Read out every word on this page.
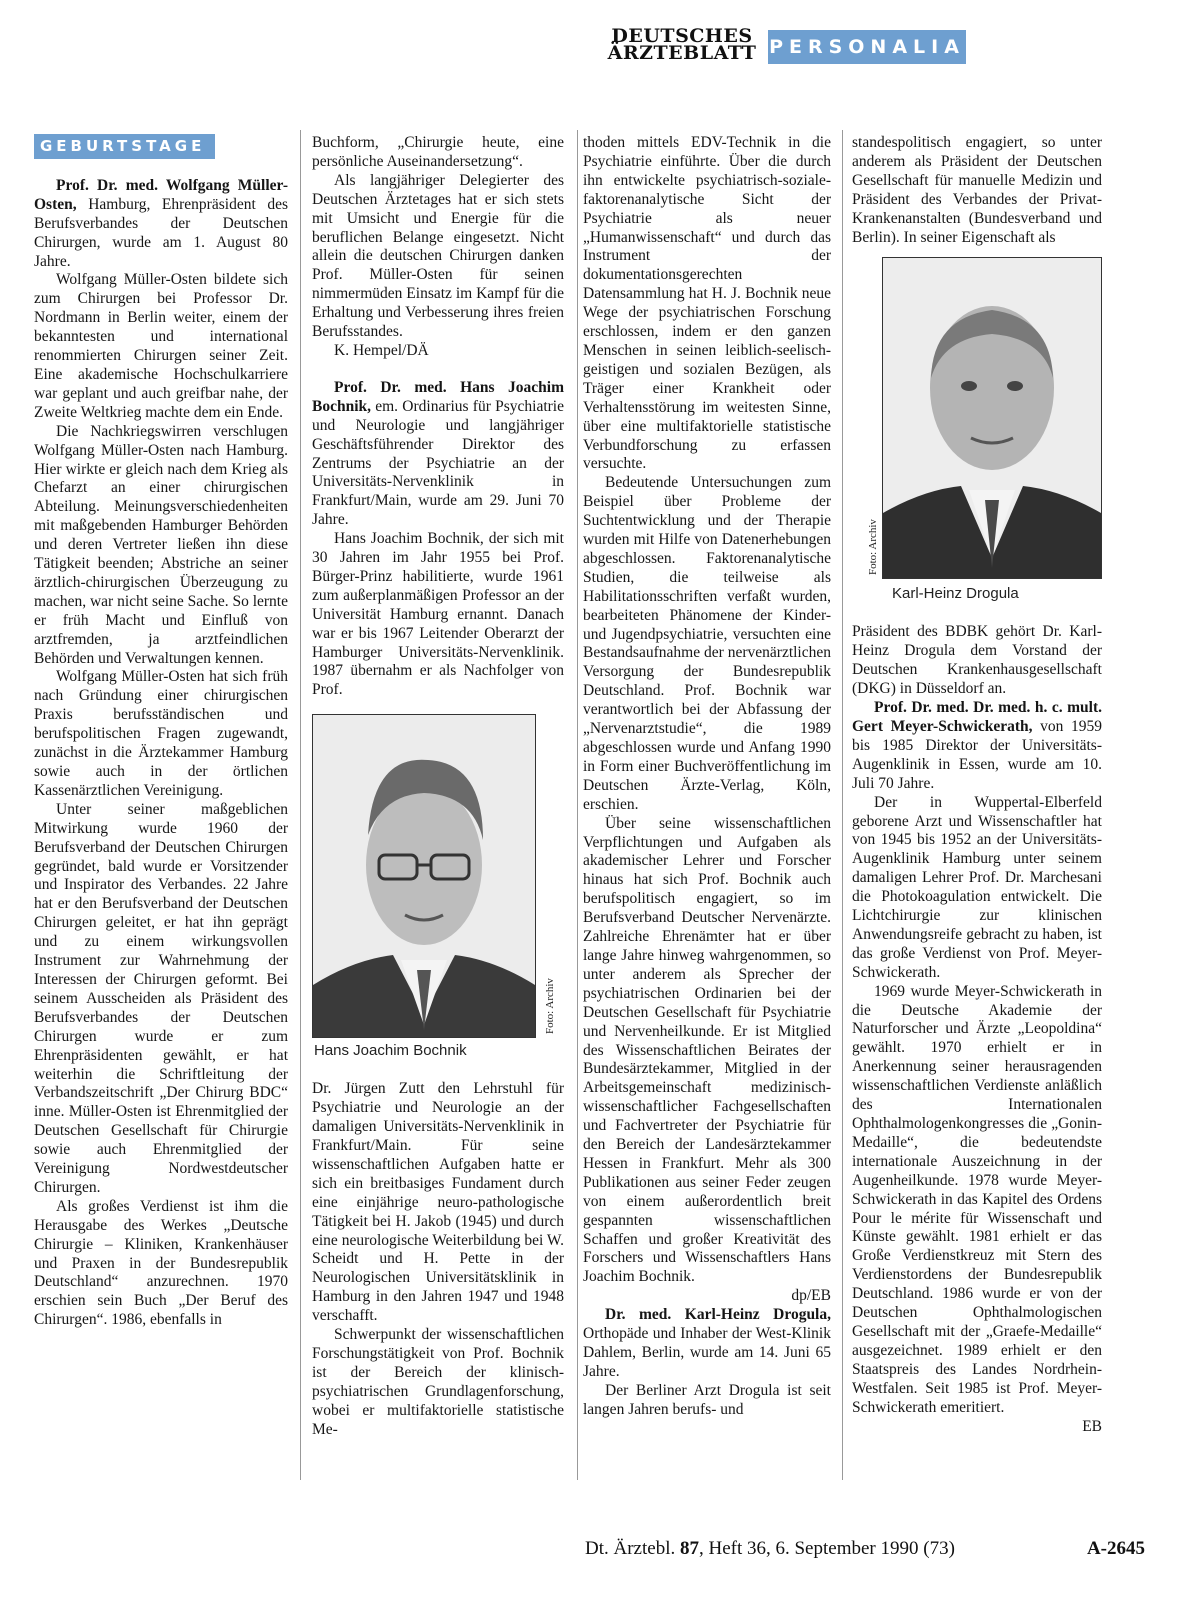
DEUTSCHES
ÄRZTEBLATT PERSONALIA
GEBURTSTAGE

Prof. Dr. med. Wolfgang Müller-Osten, Hamburg, Ehrenpräsident des Berufsverbandes der Deutschen Chirurgen, wurde am 1. August 80 Jahre.

Wolfgang Müller-Osten bildete sich zum Chirurgen bei Professor Dr. Nordmann in Berlin weiter, einem der bekanntesten und international renommierten Chirurgen seiner Zeit. Eine akademische Hochschulkarriere war geplant und auch greifbar nahe, der Zweite Weltkrieg machte dem ein Ende.

Die Nachkriegswirren verschlugen Wolfgang Müller-Osten nach Hamburg. Hier wirkte er gleich nach dem Krieg als Chefarzt an einer chirurgischen Abteilung. Meinungsverschiedenheiten mit maßgebenden Hamburger Behörden und deren Vertreter ließen ihn diese Tätigkeit beenden; Abstriche an seiner ärztlich-chirurgischen Überzeugung zu machen, war nicht seine Sache. So lernte er früh Macht und Einfluß von arztfremden, ja arztfeindlichen Behörden und Verwaltungen kennen.

Wolfgang Müller-Osten hat sich früh nach Gründung einer chirurgischen Praxis berufsständischen und berufspolitischen Fragen zugewandt, zunächst in die Ärztekammer Hamburg sowie auch in der örtlichen Kassenärztlichen Vereinigung.

Unter seiner maßgeblichen Mitwirkung wurde 1960 der Berufsverband der Deutschen Chirurgen gegründet, bald wurde er Vorsitzender und Inspirator des Verbandes. 22 Jahre hat er den Berufsverband der Deutschen Chirurgen geleitet, er hat ihn geprägt und zu einem wirkungsvollen Instrument zur Wahrnehmung der Interessen der Chirurgen geformt. Bei seinem Ausscheiden als Präsident des Berufsverbandes der Deutschen Chirurgen wurde er zum Ehrenpräsidenten gewählt, er hat weiterhin die Schriftleitung der Verbandszeitschrift „Der Chirurg BDC“ inne. Müller-Osten ist Ehrenmitglied der Deutschen Gesellschaft für Chirurgie sowie auch Ehrenmitglied der Vereinigung Nordwestdeutscher Chirurgen.

Als großes Verdienst ist ihm die Herausgabe des Werkes „Deutsche Chirurgie – Kliniken, Krankenhäuser und Praxen in der Bundesrepublik Deutschland“ anzurechnen. 1970 erschien sein Buch „Der Beruf des Chirurgen“. 1986, ebenfalls in

Buchform, „Chirurgie heute, eine persönliche Auseinandersetzung“.

Als langjähriger Delegierter des Deutschen Ärztetages hat er sich stets mit Umsicht und Energie für die beruflichen Belange eingesetzt. Nicht allein die deutschen Chirurgen danken Prof. Müller-Osten für seinen nimmermüden Einsatz im Kampf für die Erhaltung und Verbesserung ihres freien Berufsstandes.

K. Hempel/DÄ

Prof. Dr. med. Hans Joachim Bochnik, em. Ordinarius für Psychiatrie und Neurologie und langjähriger Geschäftsführender Direktor des Zentrums der Psychiatrie an der Universitäts-Nervenklinik in Frankfurt/Main, wurde am 29. Juni 70 Jahre.

Hans Joachim Bochnik, der sich mit 30 Jahren im Jahr 1955 bei Prof. Bürger-Prinz habilitierte, wurde 1961 zum außerplanmäßigen Professor an der Universität Hamburg ernannt. Danach war er bis 1967 Leitender Oberarzt der Hamburger Universitäts-Nervenklinik. 1987 übernahm er als Nachfolger von Prof.

Foto: Archiv
Hans Joachim Bochnik

Dr. Jürgen Zutt den Lehrstuhl für Psychiatrie und Neurologie an der damaligen Universitäts-Nervenklinik in Frankfurt/Main. Für seine wissenschaftlichen Aufgaben hatte er sich ein breitbasiges Fundament durch eine einjährige neuro-pathologische Tätigkeit bei H. Jakob (1945) und durch eine neurologische Weiterbildung bei W. Scheidt und H. Pette in der Neurologischen Universitätsklinik in Hamburg in den Jahren 1947 und 1948 verschafft.

Schwerpunkt der wissenschaftlichen Forschungstätigkeit von Prof. Bochnik ist der Bereich der klinisch-psychiatrischen Grundlagenforschung, wobei er multifaktorielle statistische Me-

thoden mittels EDV-Technik in die Psychiatrie einführte. Über die durch ihn entwickelte psychiatrisch-soziale-faktorenanalytische Sicht der Psychiatrie als neuer „Humanwissenschaft“ und durch das Instrument der dokumentationsgerechten Datensammlung hat H. J. Bochnik neue Wege der psychiatrischen Forschung erschlossen, indem er den ganzen Menschen in seinen leiblich-seelisch-geistigen und sozialen Bezügen, als Träger einer Krankheit oder Verhaltensstörung im weitesten Sinne, über eine multifaktorielle statistische Verbundforschung zu erfassen versuchte.

Bedeutende Untersuchungen zum Beispiel über Probleme der Suchtentwicklung und der Therapie wurden mit Hilfe von Datenerhebungen abgeschlossen. Faktorenanalytische Studien, die teilweise als Habilitationsschriften verfaßt wurden, bearbeiteten Phänomene der Kinder- und Jugendpsychiatrie, versuchten eine Bestandsaufnahme der nervenärztlichen Versorgung der Bundesrepublik Deutschland. Prof. Bochnik war verantwortlich bei der Abfassung der „Nervenarztstudie“, die 1989 abgeschlossen wurde und Anfang 1990 in Form einer Buchveröffentlichung im Deutschen Ärzte-Verlag, Köln, erschien.

Über seine wissenschaftlichen Verpflichtungen und Aufgaben als akademischer Lehrer und Forscher hinaus hat sich Prof. Bochnik auch berufspolitisch engagiert, so im Berufsverband Deutscher Nervenärzte. Zahlreiche Ehrenämter hat er über lange Jahre hinweg wahrgenommen, so unter anderem als Sprecher der psychiatrischen Ordinarien bei der Deutschen Gesellschaft für Psychiatrie und Nervenheilkunde. Er ist Mitglied des Wissenschaftlichen Beirates der Bundesärztekammer, Mitglied in der Arbeitsgemeinschaft medizinisch-wissenschaftlicher Fachgesellschaften und Fachvertreter der Psychiatrie für den Bereich der Landesärztekammer Hessen in Frankfurt. Mehr als 300 Publikationen aus seiner Feder zeugen von einem außerordentlich breit gespannten wissenschaftlichen Schaffen und großer Kreativität des Forschers und Wissenschaftlers Hans Joachim Bochnik.

dp/EB

Dr. med. Karl-Heinz Drogula, Orthopäde und Inhaber der West-Klinik Dahlem, Berlin, wurde am 14. Juni 65 Jahre.

Der Berliner Arzt Drogula ist seit langen Jahren berufs- und

standespolitisch engagiert, so unter anderem als Präsident der Deutschen Gesellschaft für manuelle Medizin und Präsident des Verbandes der Privat-Krankenanstalten (Bundesverband und Berlin). In seiner Eigenschaft als

Foto: Archiv
Karl-Heinz Drogula

Präsident des BDBK gehört Dr. Karl-Heinz Drogula dem Vorstand der Deutschen Krankenhausgesellschaft (DKG) in Düsseldorf an.

Prof. Dr. med. Dr. med. h. c. mult. Gert Meyer-Schwickerath, von 1959 bis 1985 Direktor der Universitäts-Augenklinik in Essen, wurde am 10. Juli 70 Jahre.

Der in Wuppertal-Elberfeld geborene Arzt und Wissenschaftler hat von 1945 bis 1952 an der Universitäts-Augenklinik Hamburg unter seinem damaligen Lehrer Prof. Dr. Marchesani die Photokoagulation entwickelt. Die Lichtchirurgie zur klinischen Anwendungsreife gebracht zu haben, ist das große Verdienst von Prof. Meyer-Schwickerath.

1969 wurde Meyer-Schwickerath in die Deutsche Akademie der Naturforscher und Ärzte „Leopoldina“ gewählt. 1970 erhielt er in Anerkennung seiner herausragenden wissenschaftlichen Verdienste anläßlich des Internationalen Ophthalmologenkongresses die „Gonin-Medaille“, die bedeutendste internationale Auszeichnung in der Augenheilkunde. 1978 wurde Meyer-Schwickerath in das Kapitel des Ordens Pour le mérite für Wissenschaft und Künste gewählt. 1981 erhielt er das Große Verdienstkreuz mit Stern des Verdienstordens der Bundesrepublik Deutschland. 1986 wurde er von der Deutschen Ophthalmologischen Gesellschaft mit der „Graefe-Medaille“ ausgezeichnet. 1989 erhielt er den Staatspreis des Landes Nordrhein-Westfalen. Seit 1985 ist Prof. Meyer-Schwickerath emeritiert.

EB

Dt. Ärztebl. 87, Heft 36, 6. September 1990 (73)	A-2645
